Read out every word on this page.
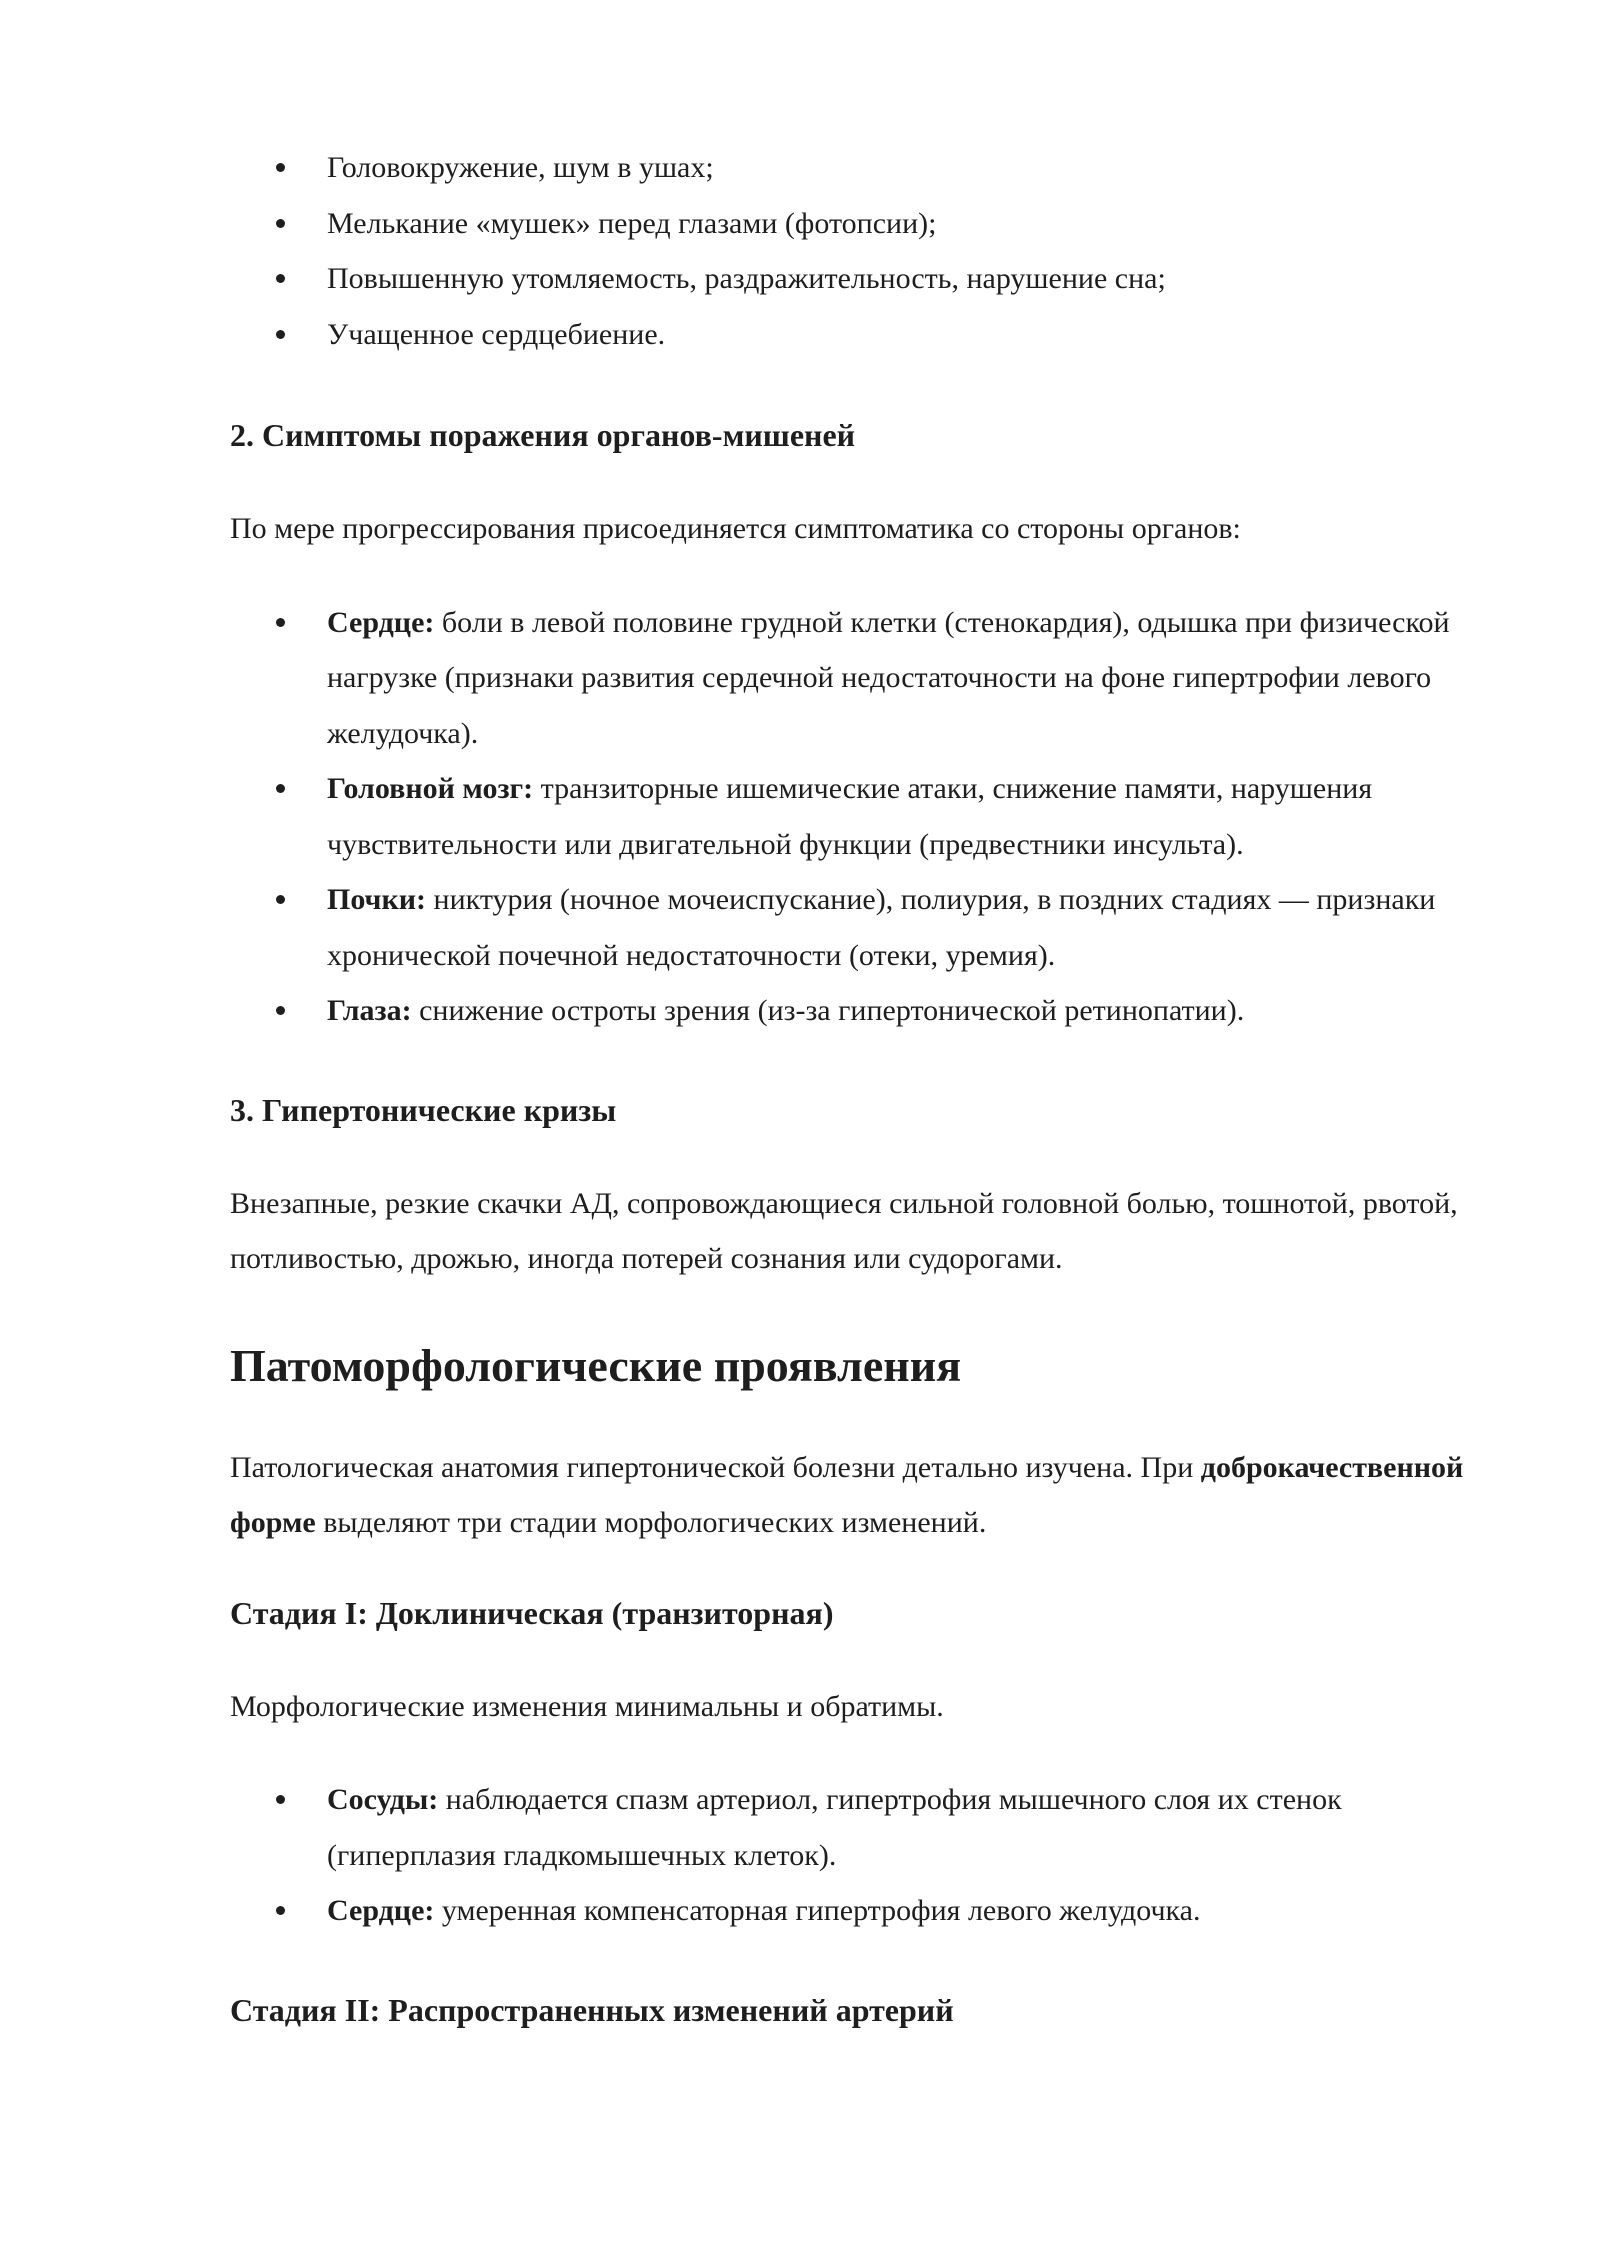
Головокружение, шум в ушах;
Мелькание «мушек» перед глазами (фотопсии);
Повышенную утомляемость, раздражительность, нарушение сна;
Учащенное сердцебиение.
2. Симптомы поражения органов-мишеней

По мере прогрессирования присоединяется симптоматика со стороны органов:

Сердце: боли в левой половине грудной клетки (стенокардия), одышка при физической нагрузке (признаки развития сердечной недостаточности на фоне гипертрофии левого желудочка).
Головной мозг: транзиторные ишемические атаки, снижение памяти, нарушения чувствительности или двигательной функции (предвестники инсульта).
Почки: никтурия (ночное мочеиспускание), полиурия, в поздних стадиях — признаки хронической почечной недостаточности (отеки, уремия).
Глаза: снижение остроты зрения (из-за гипертонической ретинопатии).
3. Гипертонические кризы

Внезапные, резкие скачки АД, сопровождающиеся сильной головной болью, тошнотой, рвотой, потливостью, дрожью, иногда потерей сознания или судорогами.

Патоморфологические проявления

Патологическая анатомия гипертонической болезни детально изучена. При доброкачественной форме выделяют три стадии морфологических изменений.

Стадия I: Доклиническая (транзиторная)

Морфологические изменения минимальны и обратимы.

Сосуды: наблюдается спазм артериол, гипертрофия мышечного слоя их стенок (гиперплазия гладкомышечных клеток).
Сердце: умеренная компенсаторная гипертрофия левого желудочка.
Стадия II: Распространенных изменений артерий
